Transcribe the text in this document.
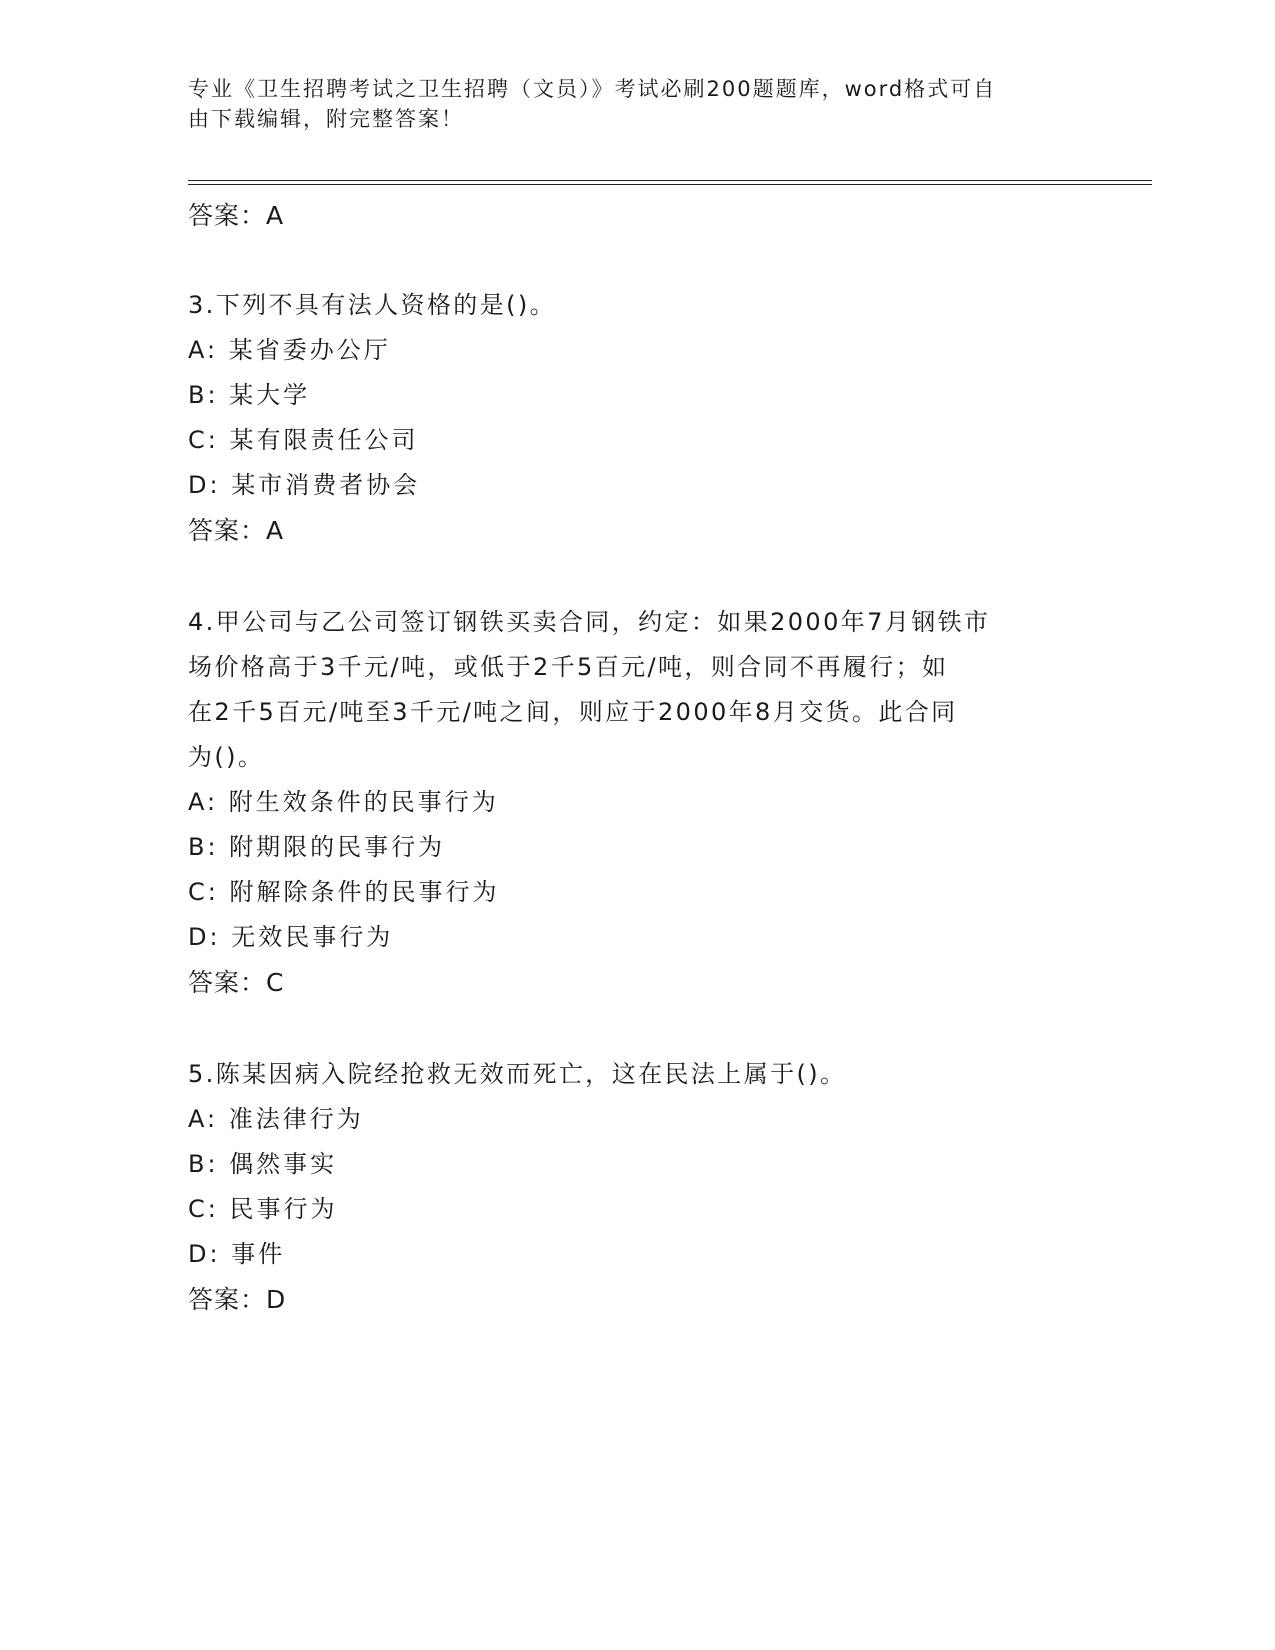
专业《卫生招聘考试之卫生招聘（文员）》考试必刷200题题库，word格式可自
由下载编辑，附完整答案！
答案：A
3.下列不具有法人资格的是()。
A: 某省委办公厅
B: 某大学
C: 某有限责任公司
D: 某市消费者协会
答案：A
4.甲公司与乙公司签订钢铁买卖合同，约定：如果2000年7月钢铁市
场价格高于3千元/吨，或低于2千5百元/吨，则合同不再履行；如
在2千5百元/吨至3千元/吨之间，则应于2000年8月交货。此合同
为()。
A: 附生效条件的民事行为
B: 附期限的民事行为
C: 附解除条件的民事行为
D: 无效民事行为
答案：C
5.陈某因病入院经抢救无效而死亡，这在民法上属于()。
A: 准法律行为
B: 偶然事实
C: 民事行为
D: 事件
答案：D
